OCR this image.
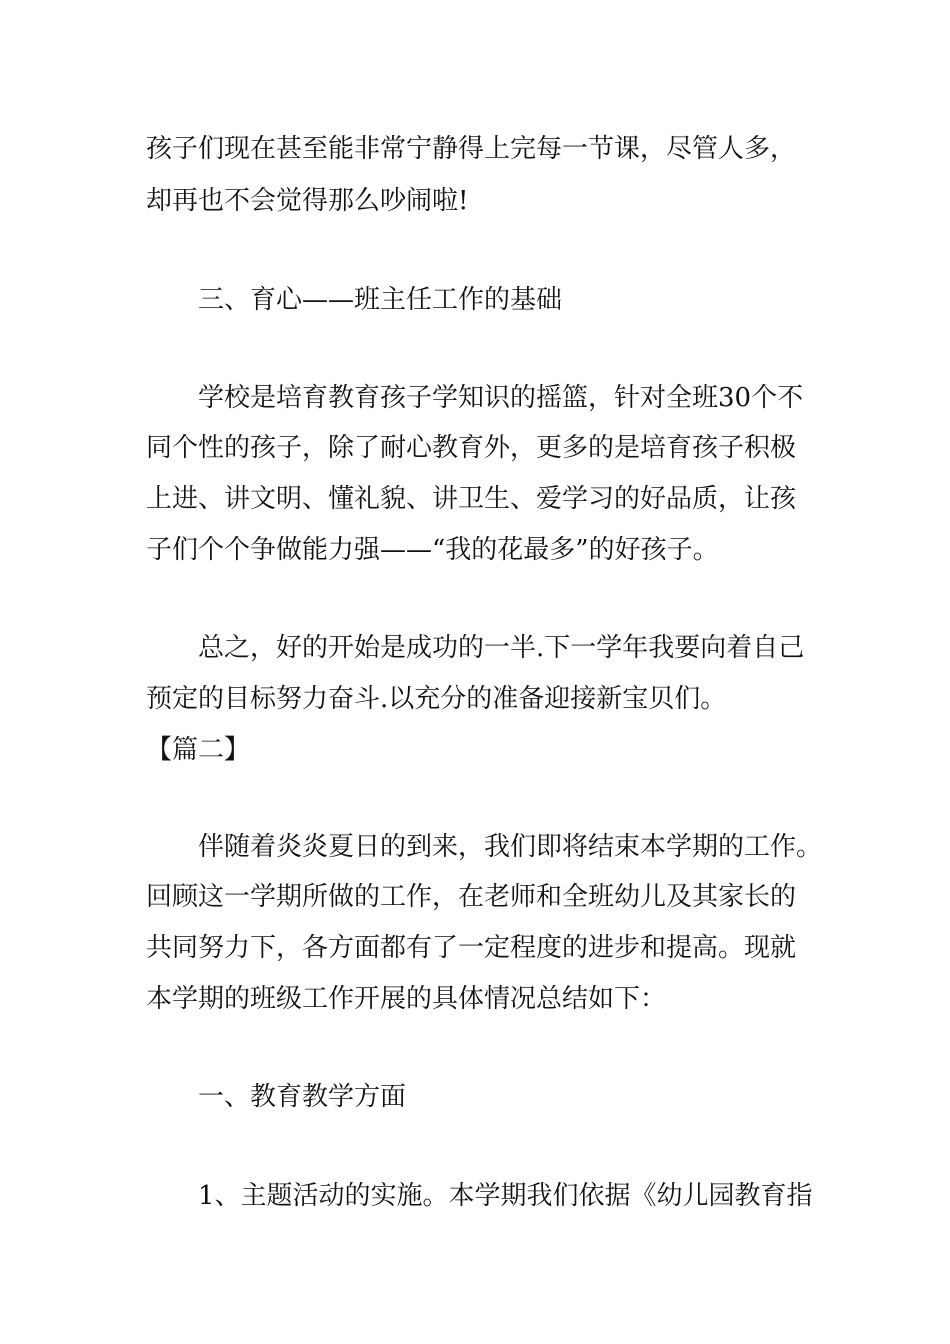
孩子们现在甚至能非常宁静得上完每一节课，尽管人多，
却再也不会觉得那么吵闹啦!
三、育心——班主任工作的基础
学校是培育教育孩子学知识的摇篮，针对全班30个不
同个性的孩子，除了耐心教育外，更多的是培育孩子积极
上进、讲文明、懂礼貌、讲卫生、爱学习的好品质，让孩
子们个个争做能力强——“我的花最多”的好孩子。
总之，好的开始是成功的一半.下一学年我要向着自己
预定的目标努力奋斗.以充分的准备迎接新宝贝们。
【篇二】
伴随着炎炎夏日的到来，我们即将结束本学期的工作。
回顾这一学期所做的工作，在老师和全班幼儿及其家长的
共同努力下，各方面都有了一定程度的进步和提高。现就
本学期的班级工作开展的具体情况总结如下：
一、教育教学方面
1、主题活动的实施。本学期我们依据《幼儿园教育指
